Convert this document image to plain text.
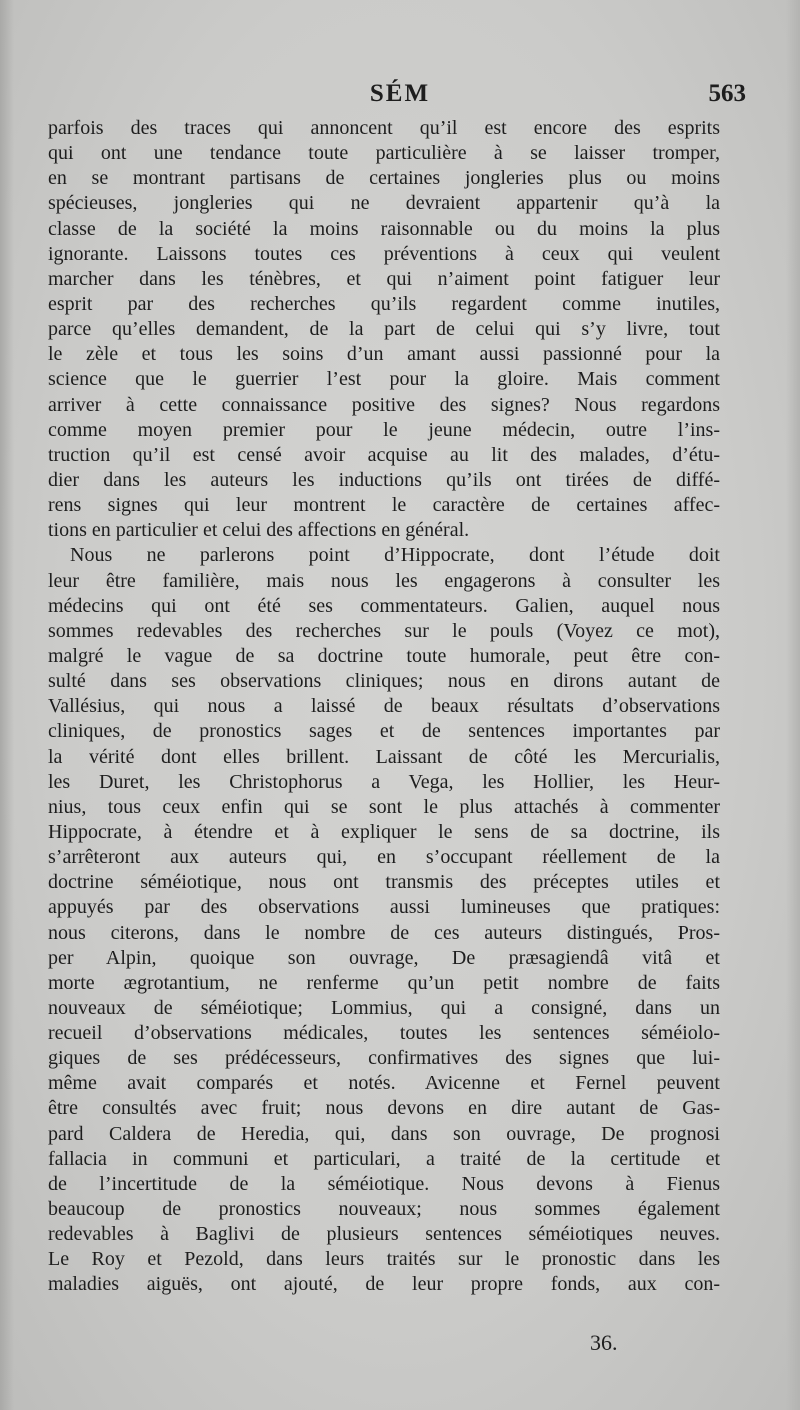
SÉM	563
parfois des traces qui annoncent qu’il est encore des esprits
qui ont une tendance toute particulière à se laisser tromper,
en se montrant partisans de certaines jongleries plus ou moins
spécieuses, jongleries qui ne devraient appartenir qu’à la
classe de la société la moins raisonnable ou du moins la plus
ignorante. Laissons toutes ces préventions à ceux qui veulent
marcher dans les ténèbres, et qui n’aiment point fatiguer leur
esprit par des recherches qu’ils regardent comme inutiles,
parce qu’elles demandent, de la part de celui qui s’y livre, tout
le zèle et tous les soins d’un amant aussi passionné pour la
science que le guerrier l’est pour la gloire. Mais comment
arriver à cette connaissance positive des signes? Nous regardons
comme moyen premier pour le jeune médecin, outre l’ins-
truction qu’il est censé avoir acquise au lit des malades, d’étu-
dier dans les auteurs les inductions qu’ils ont tirées de diffé-
rens signes qui leur montrent le caractère de certaines affec-
tions en particulier et celui des affections en général.
Nous ne parlerons point d’Hippocrate, dont l’étude doit
leur être familière, mais nous les engagerons à consulter les
médecins qui ont été ses commentateurs. Galien, auquel nous
sommes redevables des recherches sur le pouls (Voyez ce mot),
malgré le vague de sa doctrine toute humorale, peut être con-
sulté dans ses observations cliniques; nous en dirons autant de
Vallésius, qui nous a laissé de beaux résultats d’observations
cliniques, de pronostics sages et de sentences importantes par
la vérité dont elles brillent. Laissant de côté les Mercurialis,
les Duret, les Christophorus a Vega, les Hollier, les Heur-
nius, tous ceux enfin qui se sont le plus attachés à commenter
Hippocrate, à étendre et à expliquer le sens de sa doctrine, ils
s’arrêteront aux auteurs qui, en s’occupant réellement de la
doctrine séméiotique, nous ont transmis des préceptes utiles et
appuyés par des observations aussi lumineuses que pratiques:
nous citerons, dans le nombre de ces auteurs distingués, Pros-
per Alpin, quoique son ouvrage, De præsagiendâ vitâ et
morte ægrotantium, ne renferme qu’un petit nombre de faits
nouveaux de séméiotique; Lommius, qui a consigné, dans un
recueil d’observations médicales, toutes les sentences séméiolo-
giques de ses prédécesseurs, confirmatives des signes que lui-
même avait comparés et notés. Avicenne et Fernel peuvent
être consultés avec fruit; nous devons en dire autant de Gas-
pard Caldera de Heredia, qui, dans son ouvrage, De prognosi
fallacia in communi et particulari, a traité de la certitude et
de l’incertitude de la séméiotique. Nous devons à Fienus
beaucoup de pronostics nouveaux; nous sommes également
redevables à Baglivi de plusieurs sentences séméiotiques neuves.
Le Roy et Pezold, dans leurs traités sur le pronostic dans les
maladies aiguës, ont ajouté, de leur propre fonds, aux con-
36.
